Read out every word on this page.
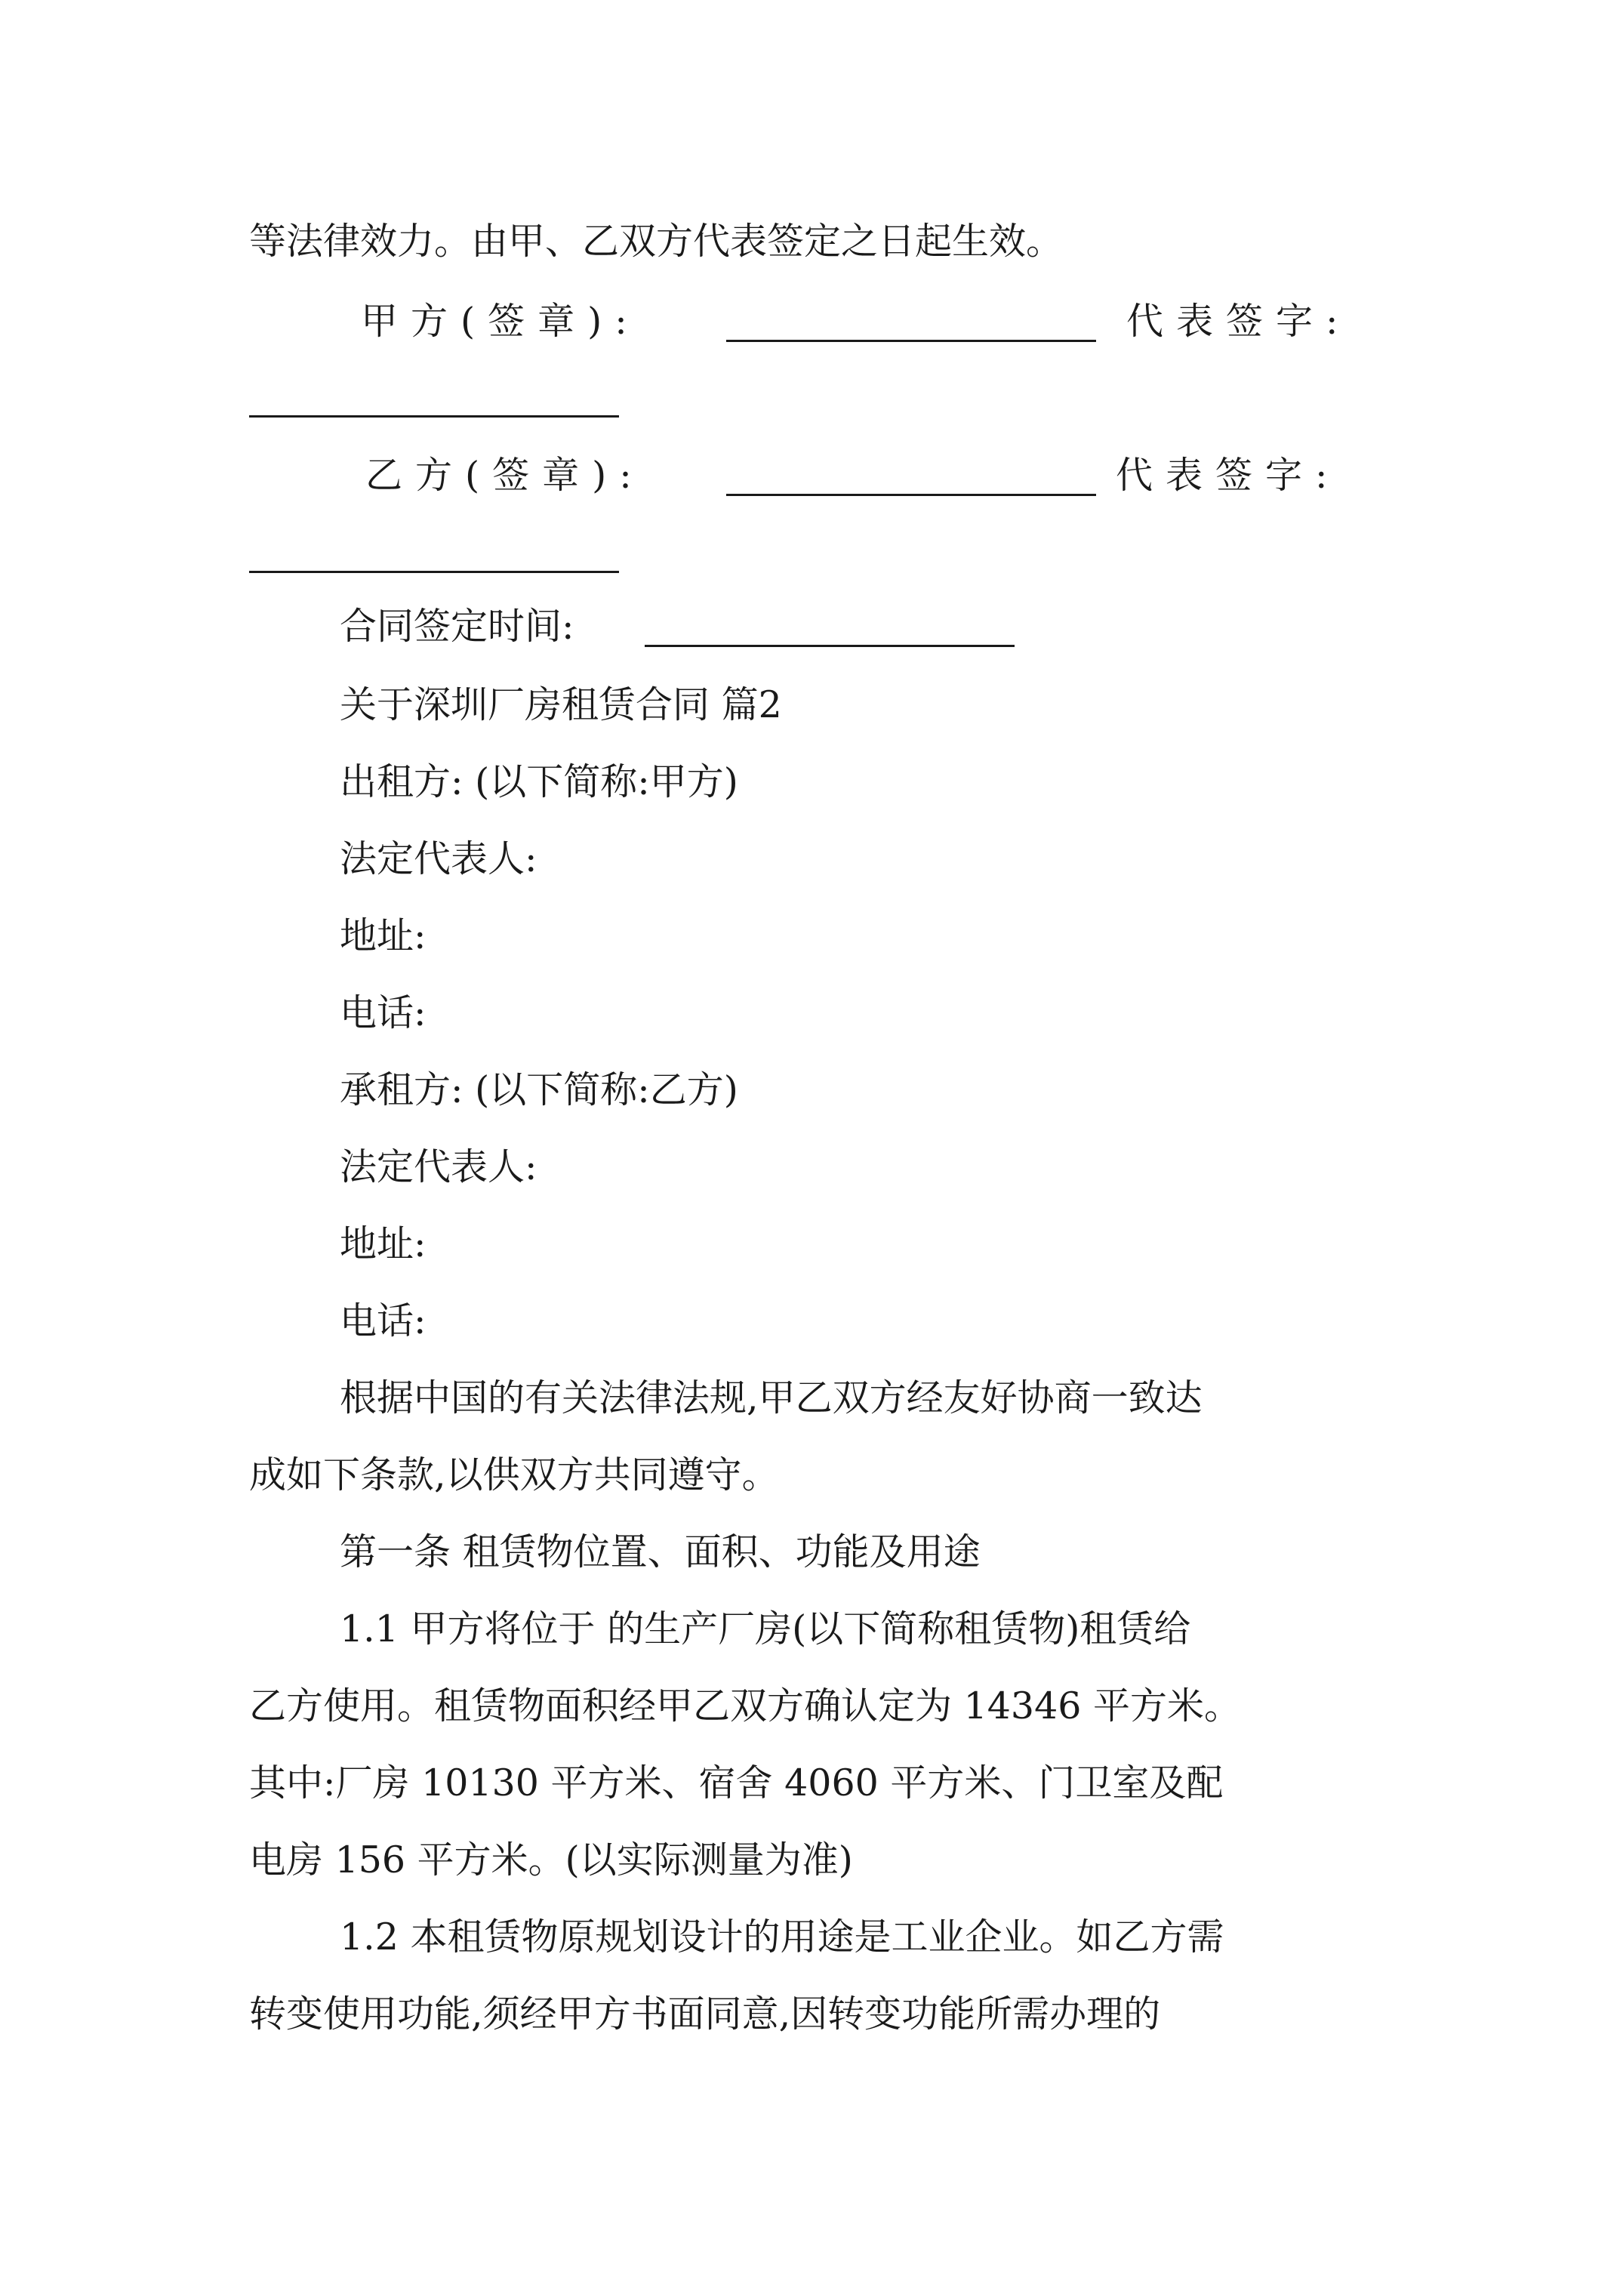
等法律效力。由甲、乙双方代表签定之日起生效。
甲方(签章):	代表签字:
乙方(签章):	代表签字:
合同签定时间:
关于深圳厂房租赁合同 篇2
出租方: (以下简称:甲方)
法定代表人:
地址:
电话:
承租方: (以下简称:乙方)
法定代表人:
地址:
电话:
根据中国的有关法律法规,甲乙双方经友好协商一致达
成如下条款,以供双方共同遵守。
第一条 租赁物位置、面积、功能及用途
1.1 甲方将位于 的生产厂房(以下简称租赁物)租赁给
乙方使用。租赁物面积经甲乙双方确认定为 14346 平方米。
其中:厂房 10130 平方米、宿舍 4060 平方米、门卫室及配
电房 156 平方米。(以实际测量为准)
1.2 本租赁物原规划设计的用途是工业企业。如乙方需
转变使用功能,须经甲方书面同意,因转变功能所需办理的
